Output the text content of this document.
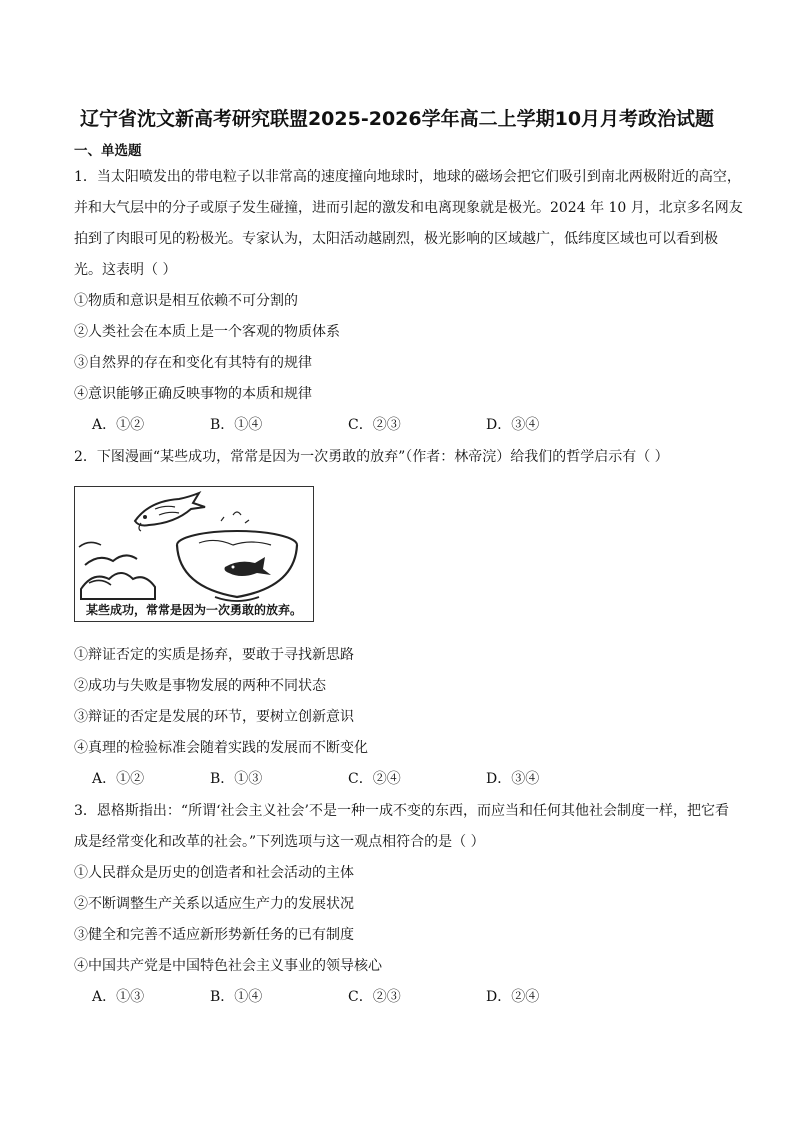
辽宁省沈文新高考研究联盟2025-2026学年高二上学期10月月考政治试题
一、单选题
1．当太阳喷发出的带电粒子以非常高的速度撞向地球时，地球的磁场会把它们吸引到南北两极附近的高空，
并和大气层中的分子或原子发生碰撞，进而引起的激发和电离现象就是极光。2024 年 10 月，北京多名网友
拍到了肉眼可见的粉极光。专家认为，太阳活动越剧烈，极光影响的区域越广，低纬度区域也可以看到极
光。这表明（ ）
①物质和意识是相互依赖不可分割的
②人类社会在本质上是一个客观的物质体系
③自然界的存在和变化有其特有的规律
④意识能够正确反映事物的本质和规律
A．①②	B．①④	C．②③	D．③④
2．下图漫画“某些成功，常常是因为一次勇敢的放弃”（作者：林帝浣）给我们的哲学启示有（ ）
某些成功，常常是因为一次勇敢的放弃。
①辩证否定的实质是扬弃，要敢于寻找新思路
②成功与失败是事物发展的两种不同状态
③辩证的否定是发展的环节，要树立创新意识
④真理的检验标准会随着实践的发展而不断变化
A．①②	B．①③	C．②④	D．③④
3．恩格斯指出：“所谓‘社会主义社会’不是一种一成不变的东西，而应当和任何其他社会制度一样，把它看
成是经常变化和改革的社会。”下列选项与这一观点相符合的是（ ）
①人民群众是历史的创造者和社会活动的主体
②不断调整生产关系以适应生产力的发展状况
③健全和完善不适应新形势新任务的已有制度
④中国共产党是中国特色社会主义事业的领导核心
A．①③	B．①④	C．②③	D．②④
